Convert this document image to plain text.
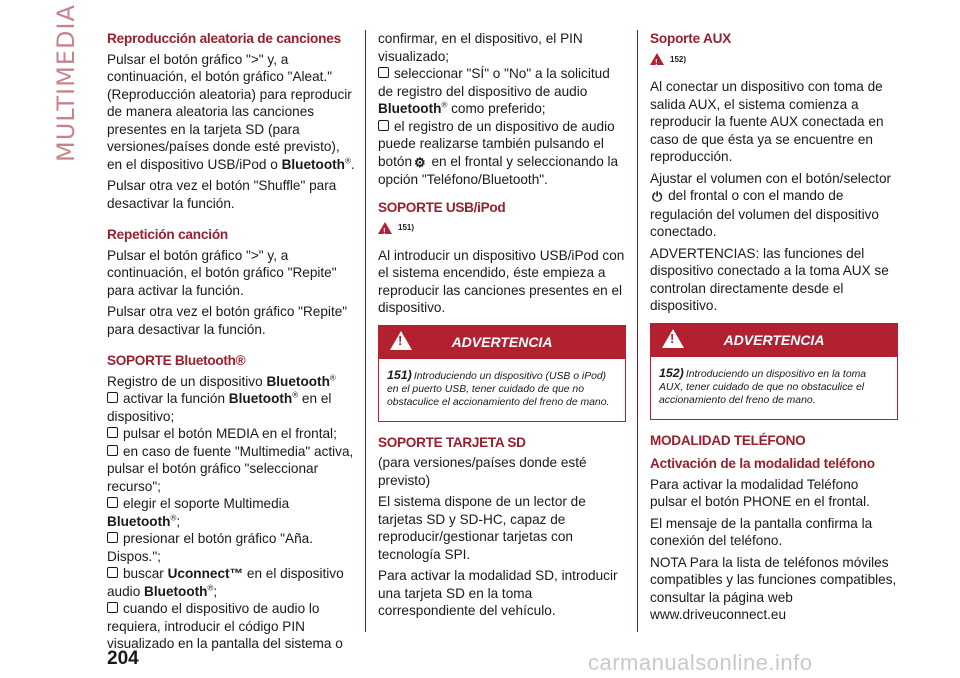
MULTIMEDIA Reproducción aleatoria de canciones

Pulsar el botón gráfico ">" y, a continuación, el botón gráfico "Aleat." (Reproducción aleatoria) para reproducir de manera aleatoria las canciones presentes en la tarjeta SD (para versiones/países donde esté previsto), en el dispositivo USB/iPod o Bluetooth®.

Pulsar otra vez el botón "Shuffle" para desactivar la función.

Repetición canción

Pulsar el botón gráfico ">" y, a continuación, el botón gráfico "Repite" para activar la función.

Pulsar otra vez el botón gráfico "Repite" para desactivar la función.

SOPORTE Bluetooth®

Registro de un dispositivo Bluetooth®

activar la función Bluetooth® en el dispositivo;
pulsar el botón MEDIA en el frontal;
en caso de fuente "Multimedia" activa, pulsar el botón gráfico "seleccionar recurso";
elegir el soporte Multimedia Bluetooth®;
presionar el botón gráfico "Aña. Dispos.";
buscar Uconnect™ en el dispositivo audio Bluetooth®;
cuando el dispositivo de audio lo requiera, introducir el código PIN visualizado en la pantalla del sistema o

confirmar, en el dispositivo, el PIN visualizado;

seleccionar "SÍ" o "No" a la solicitud de registro del dispositivo de audio Bluetooth® como preferido;
el registro de un dispositivo de audio puede realizarse también pulsando el botón ⚙ en el frontal y seleccionando la opción "Teléfono/Bluetooth".
SOPORTE USB/iPod
!
151)

Al introducir un dispositivo USB/iPod con el sistema encendido, éste empieza a reproducir las canciones presentes en el dispositivo.

!
ADVERTENCIA
151) Introduciendo un dispositivo (USB o iPod) en el puerto USB, tener cuidado de que no obstaculice el accionamiento del freno de mano.
SOPORTE TARJETA SD

(para versiones/países donde esté previsto)

El sistema dispone de un lector de tarjetas SD y SD-HC, capaz de reproducir/gestionar tarjetas con tecnología SPI.

Para activar la modalidad SD, introducir una tarjeta SD en la toma correspondiente del vehículo.

Soporte AUX
!
152)

Al conectar un dispositivo con toma de salida AUX, el sistema comienza a reproducir la fuente AUX conectada en caso de que ésta ya se encuentre en reproducción.

Ajustar el volumen con el botón/selector ⏻ del frontal o con el mando de regulación del volumen del dispositivo conectado.

ADVERTENCIAS: las funciones del dispositivo conectado a la toma AUX se controlan directamente desde el dispositivo.

!
ADVERTENCIA
152) Introduciendo un dispositivo en la toma AUX, tener cuidado de que no obstaculice el accionamiento del freno de mano.
MODALIDAD TELÉFONO
Activación de la modalidad teléfono

Para activar la modalidad Teléfono pulsar el botón PHONE en el frontal.

El mensaje de la pantalla confirma la conexión del teléfono.

NOTA Para la lista de teléfonos móviles compatibles y las funciones compatibles, consultar la página web www.driveuconnect.eu

204	carmanualsonline.info
